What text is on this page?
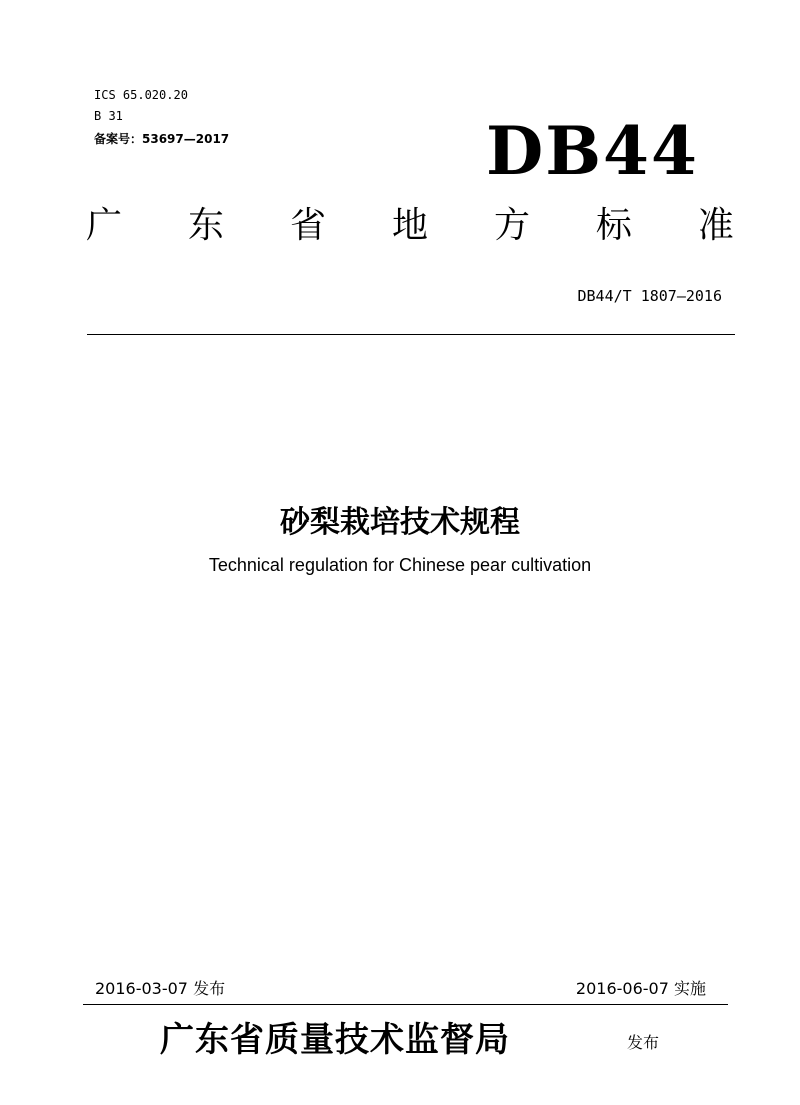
ICS 65.020.20
B 31
备案号：53697—2017	DB44
广 东 省 地 方 标 准
DB44/T 1807—2016
砂梨栽培技术规程
Technical regulation for Chinese pear cultivation
2016-03-07 发布	2016-06-07 实施
广东省质量技术监督局	发布
